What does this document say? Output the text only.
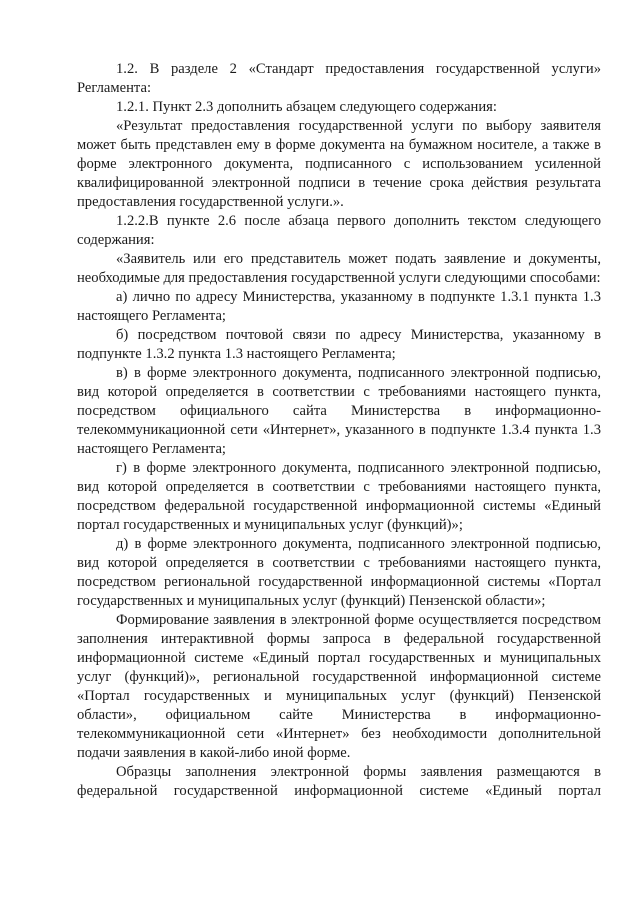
1.2. В разделе 2 «Стандарт предоставления государственной услуги» Регламента:

1.2.1. Пункт 2.3 дополнить абзацем следующего содержания:

«Результат предоставления государственной услуги по выбору заявителя может быть представлен ему в форме документа на бумажном носителе, а также в форме электронного документа, подписанного с использованием усиленной квалифицированной электронной подписи в течение срока действия результата предоставления государственной услуги.».

1.2.2.В пункте 2.6 после абзаца первого дополнить текстом следующего содержания:

«Заявитель или его представитель может подать заявление и документы, необходимые для предоставления государственной услуги следующими способами:

а) лично по адресу Министерства, указанному в подпункте 1.3.1 пункта 1.3 настоящего Регламента;

б) посредством почтовой связи по адресу Министерства, указанному в подпункте 1.3.2 пункта 1.3 настоящего Регламента;

в) в форме электронного документа, подписанного электронной подписью, вид которой определяется в соответствии с требованиями настоящего пункта, посредством официального сайта Министерства в информационно-телекоммуникационной сети «Интернет», указанного в подпункте 1.3.4 пункта 1.3 настоящего Регламента;

г) в форме электронного документа, подписанного электронной подписью, вид которой определяется в соответствии с требованиями настоящего пункта, посредством федеральной государственной информационной системы «Единый портал государственных и муниципальных услуг (функций)»;

д) в форме электронного документа, подписанного электронной подписью, вид которой определяется в соответствии с требованиями настоящего пункта, посредством региональной государственной информационной системы «Портал государственных и муниципальных услуг (функций) Пензенской области»;

Формирование заявления в электронной форме осуществляется посредством заполнения интерактивной формы запроса в федеральной государственной информационной системе «Единый портал государственных и муниципальных услуг (функций)», региональной государственной информационной системе «Портал государственных и муниципальных услуг (функций) Пензенской области», официальном сайте Министерства в информационно-телекоммуникационной сети «Интернет» без необходимости дополнительной подачи заявления в какой-либо иной форме.

Образцы заполнения электронной формы заявления размещаются в федеральной государственной информационной системе «Единый портал
